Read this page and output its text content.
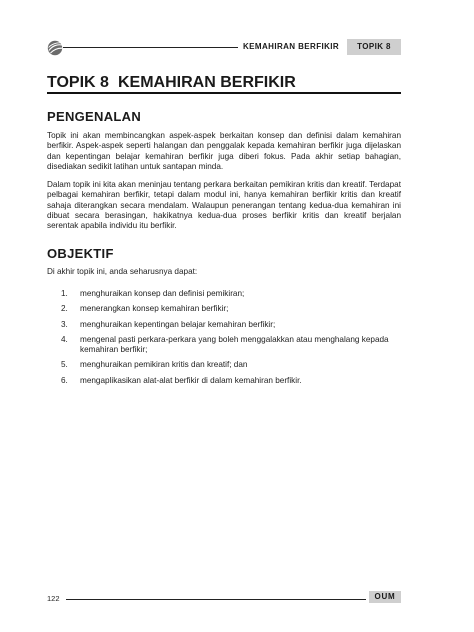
KEMAHIRAN BERFIKIR	TOPIK 8
TOPIK 8 KEMAHIRAN BERFIKIR
PENGENALAN

Topik ini akan membincangkan aspek-aspek berkaitan konsep dan definisi dalam kemahiran berfikir. Aspek-aspek seperti halangan dan penggalak kepada kemahiran berfikir juga dijelaskan dan kepentingan belajar kemahiran berfikir juga diberi fokus. Pada akhir setiap bahagian, disediakan sedikit latihan untuk santapan minda.

Dalam topik ini kita akan meninjau tentang perkara berkaitan pemikiran kritis dan kreatif. Terdapat pelbagai kemahiran berfikir, tetapi dalam modul ini, hanya kemahiran berfikir kritis dan kreatif sahaja diterangkan secara mendalam. Walaupun penerangan tentang kedua-dua kemahiran ini dibuat secara berasingan, hakikatnya kedua-dua proses berfikir kritis dan kreatif berjalan serentak apabila individu itu berfikir.

OBJEKTIF

Di akhir topik ini, anda seharusnya dapat:

1.	menghuraikan konsep dan definisi pemikiran;
2.	menerangkan konsep kemahiran berfikir;
3.	menghuraikan kepentingan belajar kemahiran berfikir;
4.	mengenal pasti perkara-perkara yang boleh menggalakkan atau menghalang kepada kemahiran berfikir;
5.	menghuraikan pemikiran kritis dan kreatif; dan
6.	mengaplikasikan alat-alat berfikir di dalam kemahiran berfikir.
122	OUM
